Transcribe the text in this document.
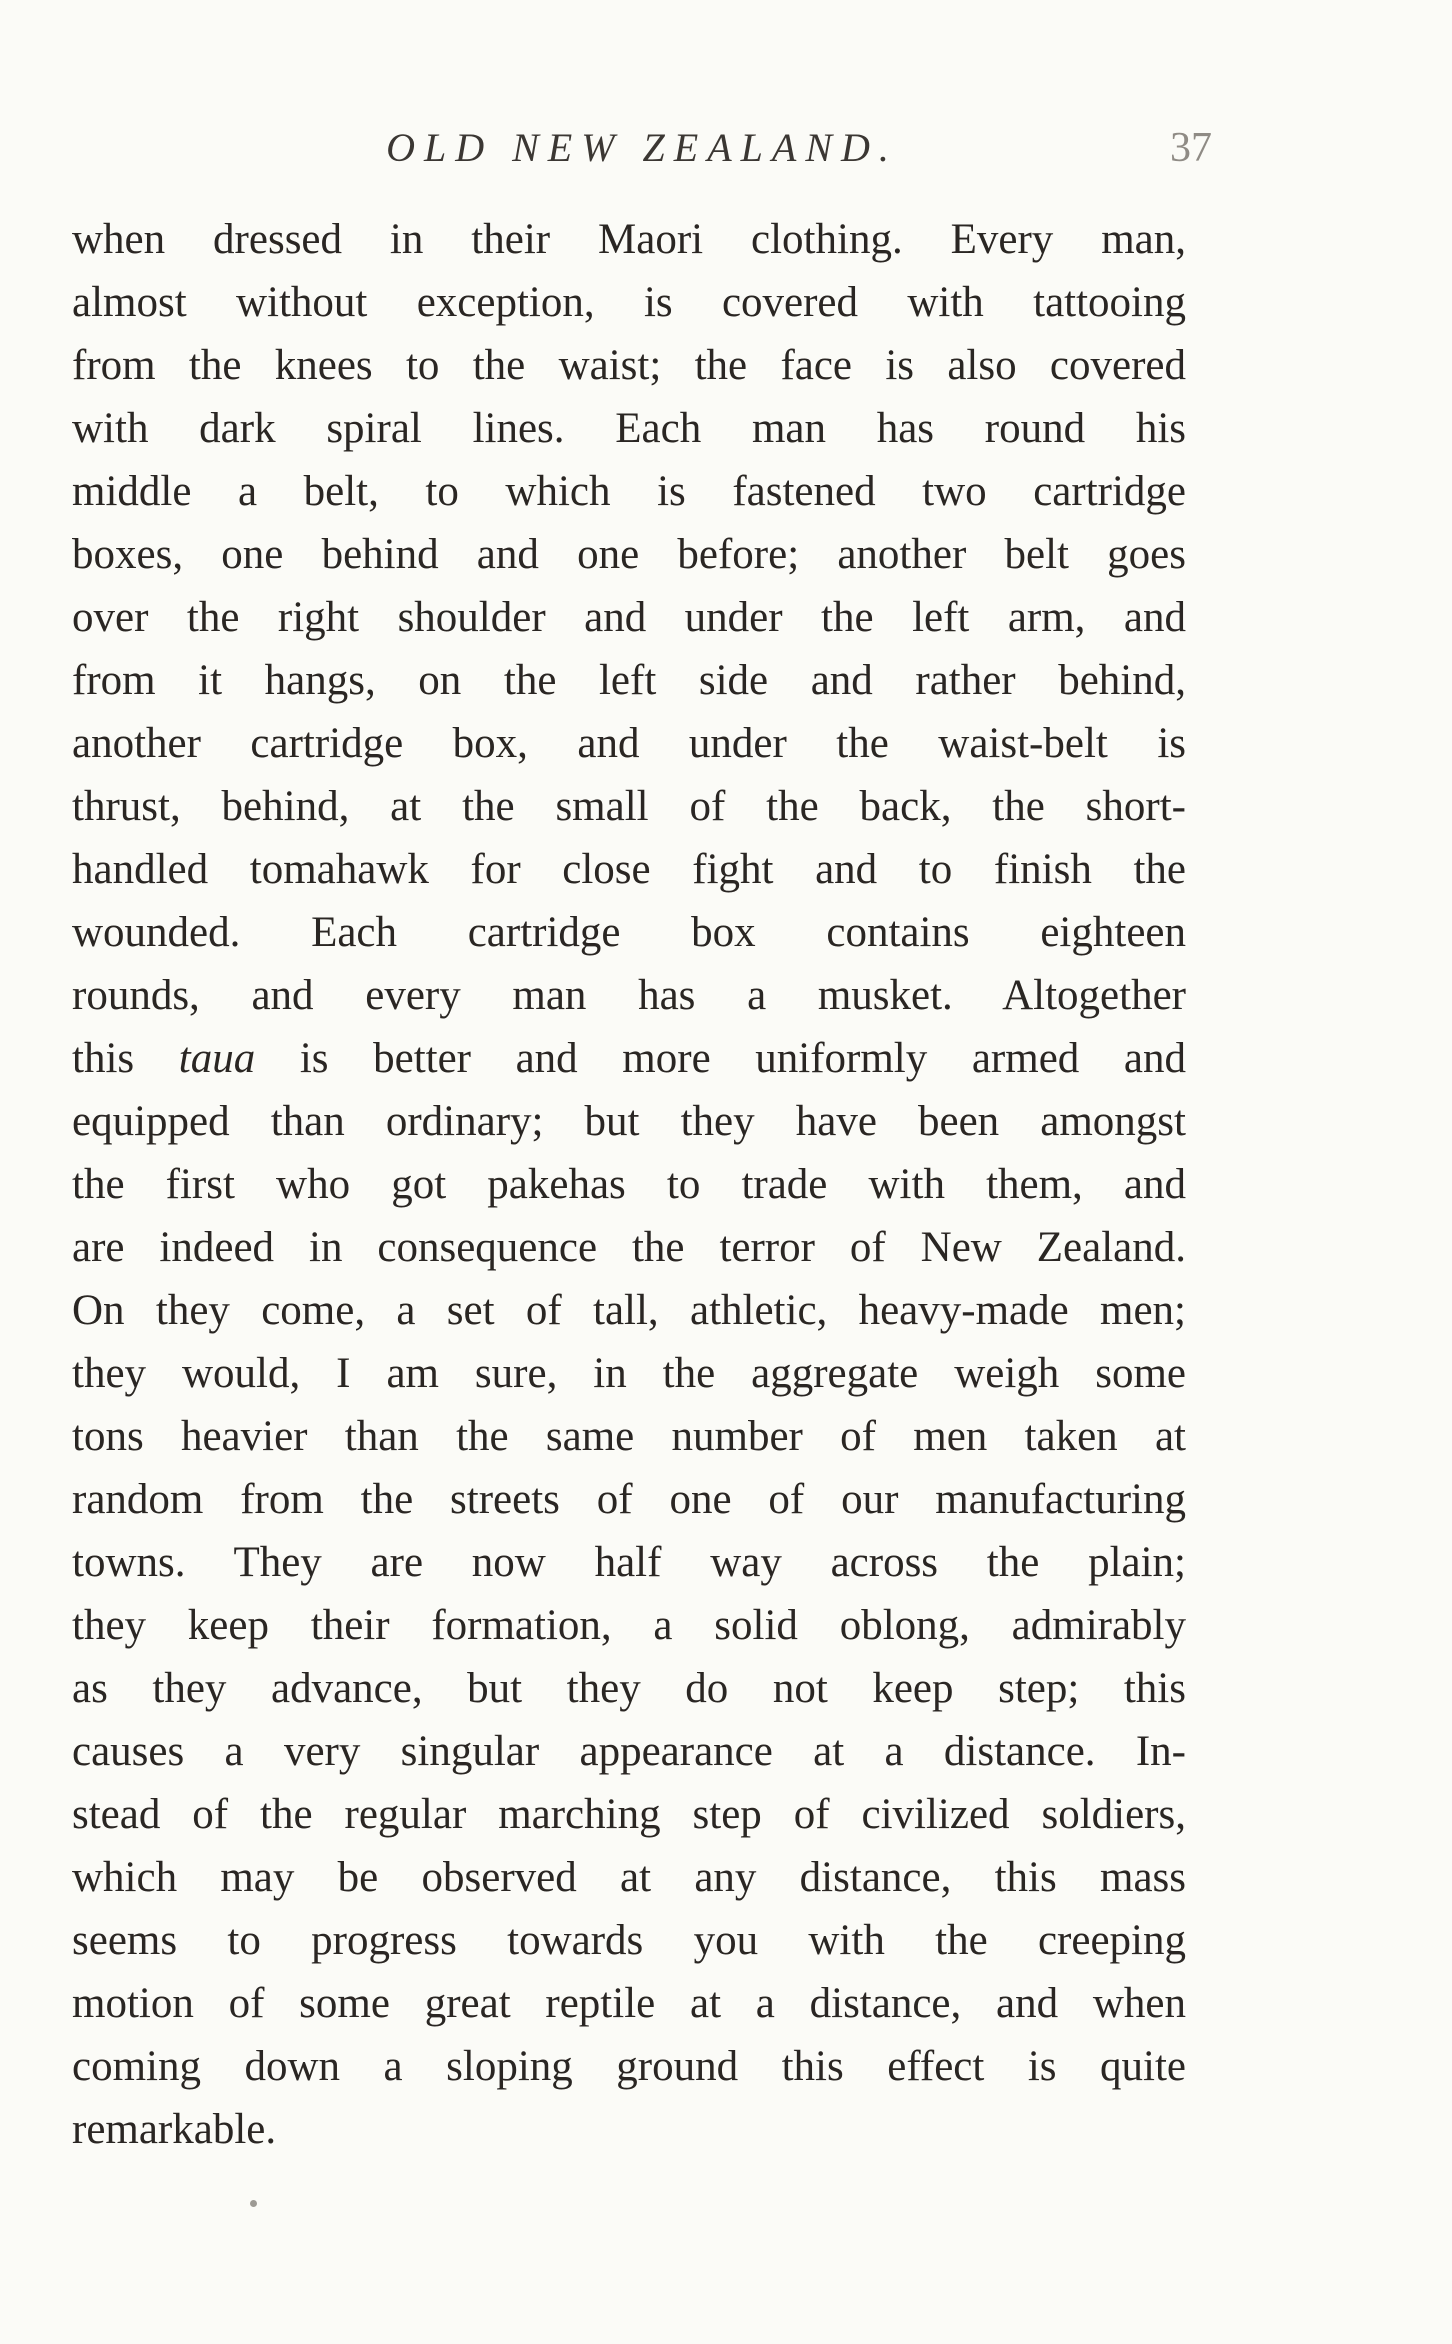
OLD NEW ZEALAND.	37
when dressed in their Maori clothing. Every man,
almost without exception, is covered with tattooing
from the knees to the waist; the face is also covered
with dark spiral lines. Each man has round his
middle a belt, to which is fastened two cartridge
boxes, one behind and one before; another belt goes
over the right shoulder and under the left arm, and
from it hangs, on the left side and rather behind,
another cartridge box, and under the waist-belt is
thrust, behind, at the small of the back, the short-
handled tomahawk for close fight and to finish the
wounded. Each cartridge box contains eighteen
rounds, and every man has a musket. Altogether
this taua is better and more uniformly armed and
equipped than ordinary; but they have been amongst
the first who got pakehas to trade with them, and
are indeed in consequence the terror of New Zealand.
On they come, a set of tall, athletic, heavy-made men;
they would, I am sure, in the aggregate weigh some
tons heavier than the same number of men taken at
random from the streets of one of our manufacturing
towns. They are now half way across the plain;
they keep their formation, a solid oblong, admirably
as they advance, but they do not keep step; this
causes a very singular appearance at a distance. In-
stead of the regular marching step of civilized soldiers,
which may be observed at any distance, this mass
seems to progress towards you with the creeping
motion of some great reptile at a distance, and when
coming down a sloping ground this effect is quite
remarkable.
